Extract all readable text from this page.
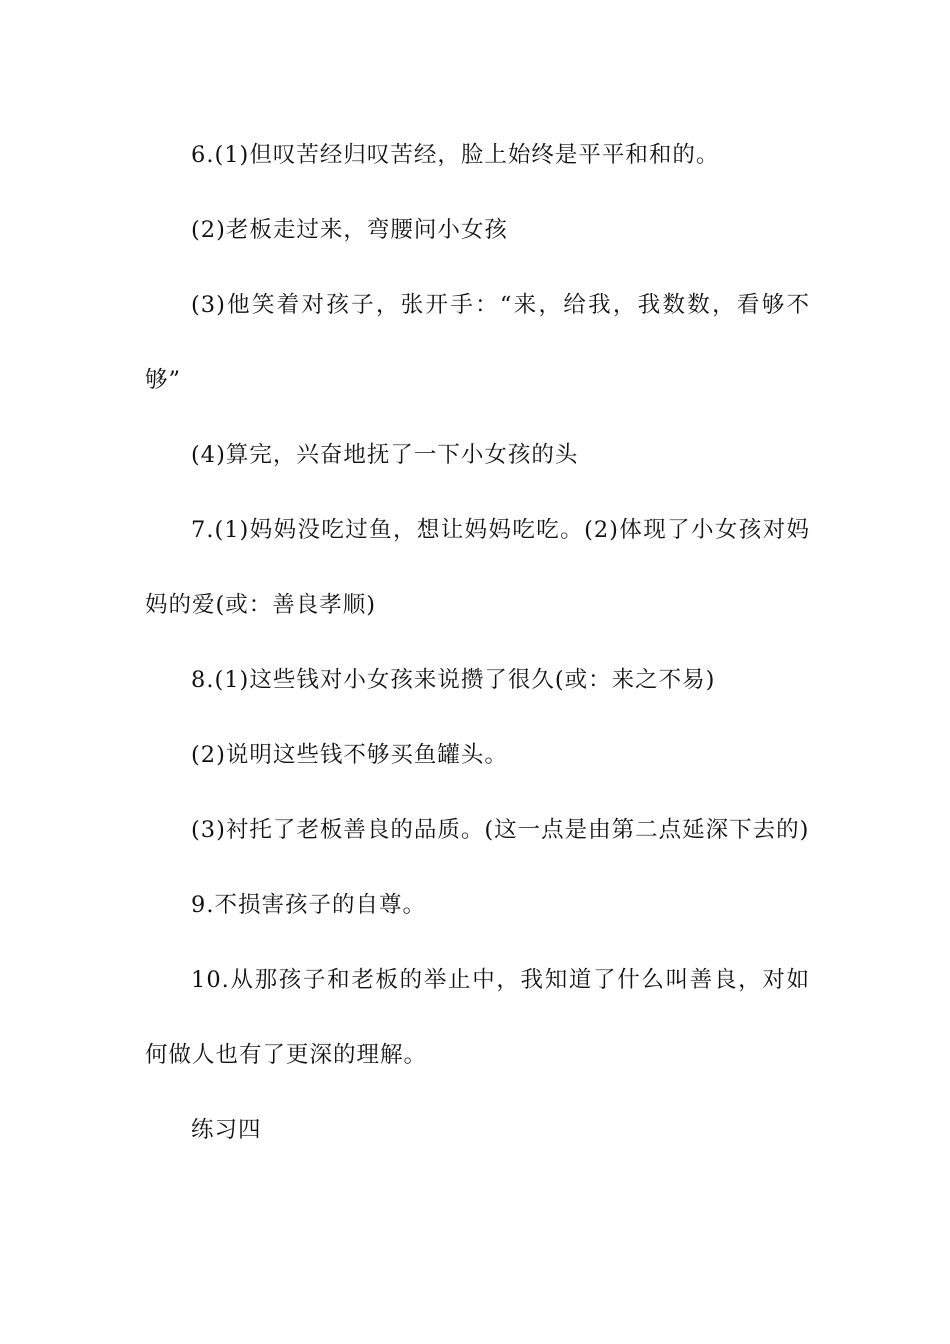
6.(1)但叹苦经归叹苦经，脸上始终是平平和和的。

(2)老板走过来，弯腰问小女孩

(3)他笑着对孩子，张开手：“来，给我，我数数，看够不够”

(4)算完，兴奋地抚了一下小女孩的头

7.(1)妈妈没吃过鱼，想让妈妈吃吃。(2)体现了小女孩对妈妈的爱(或：善良孝顺)

8.(1)这些钱对小女孩来说攒了很久(或：来之不易)

(2)说明这些钱不够买鱼罐头。

(3)衬托了老板善良的品质。(这一点是由第二点延深下去的)

9.不损害孩子的自尊。

10.从那孩子和老板的举止中，我知道了什么叫善良，对如何做人也有了更深的理解。

练习四
